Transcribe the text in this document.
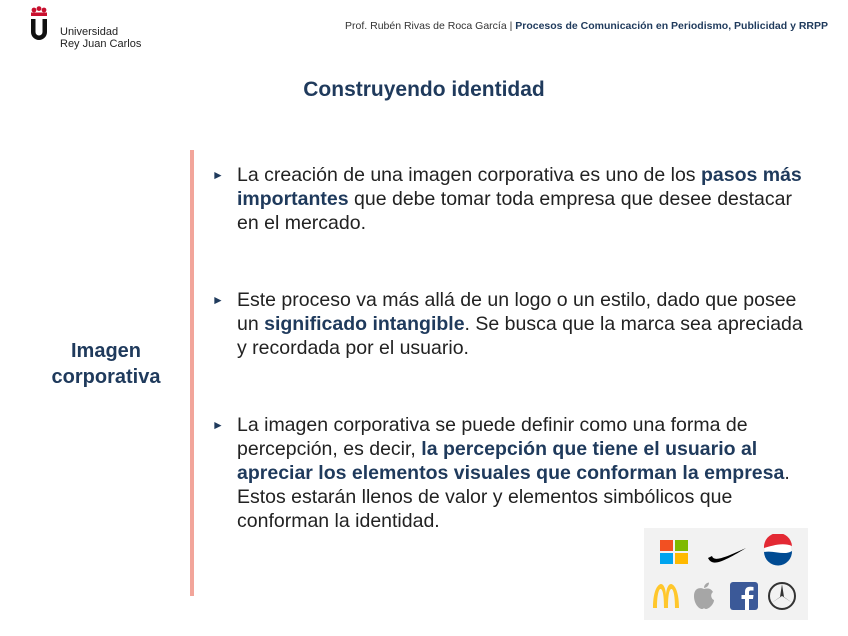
Universidad
Rey Juan Carlos
Prof. Rubén Rivas de Roca García | Procesos de Comunicación en Periodismo, Publicidad y RRPP
Construyendo identidad
Imagen
corporativa
► La creación de una imagen corporativa es uno de los pasos más importantes que debe tomar toda empresa que desee destacar en el mercado.
► Este proceso va más allá de un logo o un estilo, dado que posee un significado intangible. Se busca que la marca sea apreciada y recordada por el usuario.
► La imagen corporativa se puede definir como una forma de percepción, es decir, la percepción que tiene el usuario al apreciar los elementos visuales que conforman la empresa. Estos estarán llenos de valor y elementos simbólicos que conforman la identidad.
